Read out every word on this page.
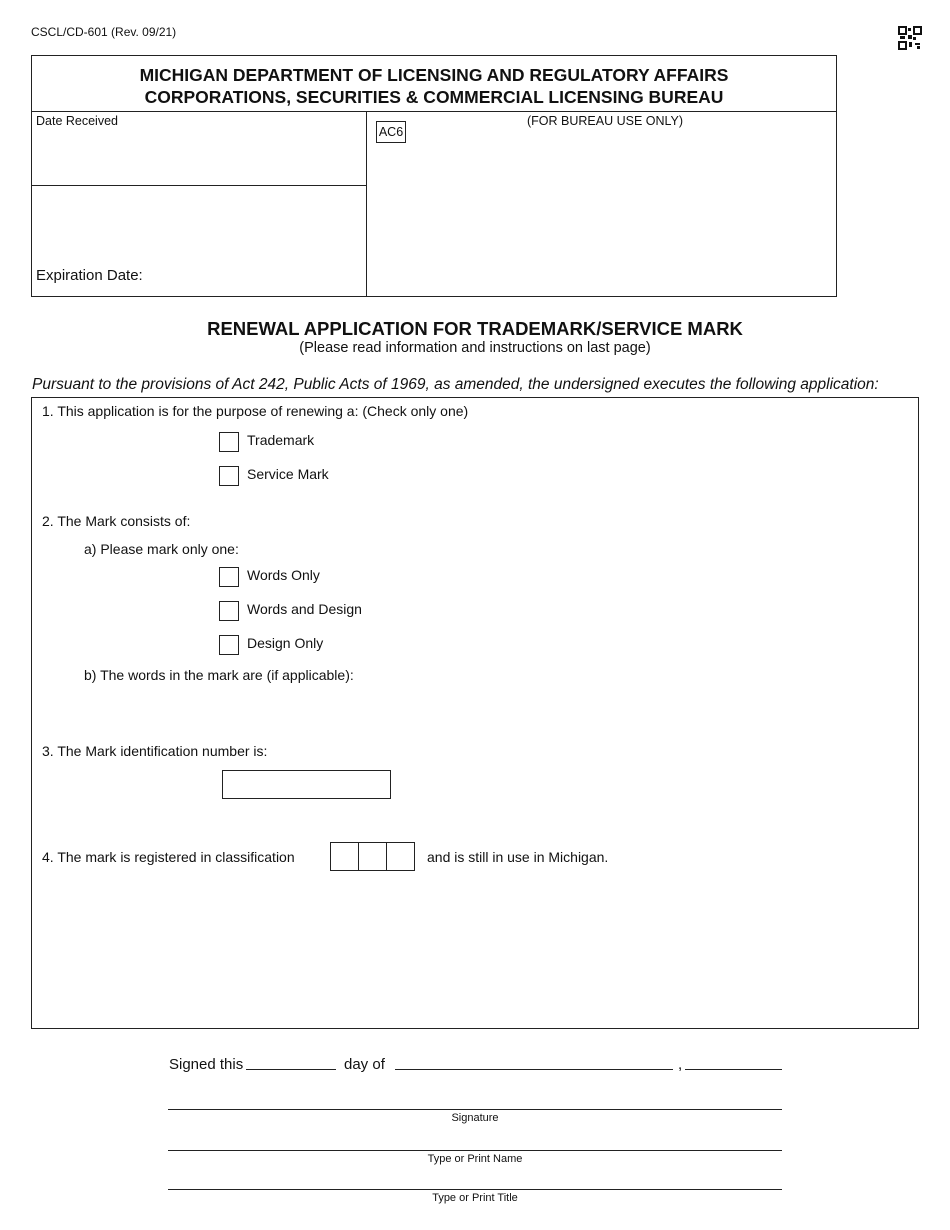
CSCL/CD-601 (Rev. 09/21)
MICHIGAN DEPARTMENT OF LICENSING AND REGULATORY AFFAIRS
CORPORATIONS, SECURITIES & COMMERCIAL LICENSING BUREAU
Date Received
Expiration Date:
AC6
(FOR BUREAU USE ONLY)
RENEWAL APPLICATION FOR TRADEMARK/SERVICE MARK
(Please read information and instructions on last page)
Pursuant to the provisions of Act 242, Public Acts of 1969, as amended, the undersigned executes the following application:
1. This application is for the purpose of renewing a: (Check only one)
Trademark
Service Mark
2. The Mark consists of:
a) Please mark only one:
Words Only
Words and Design
Design Only
b) The words in the mark are (if applicable):
3. The Mark identification number is:
4. The mark is registered in classification	and is still in use in Michigan.
Signed this	day of	,
Signature
Type or Print Name
Type or Print Title
